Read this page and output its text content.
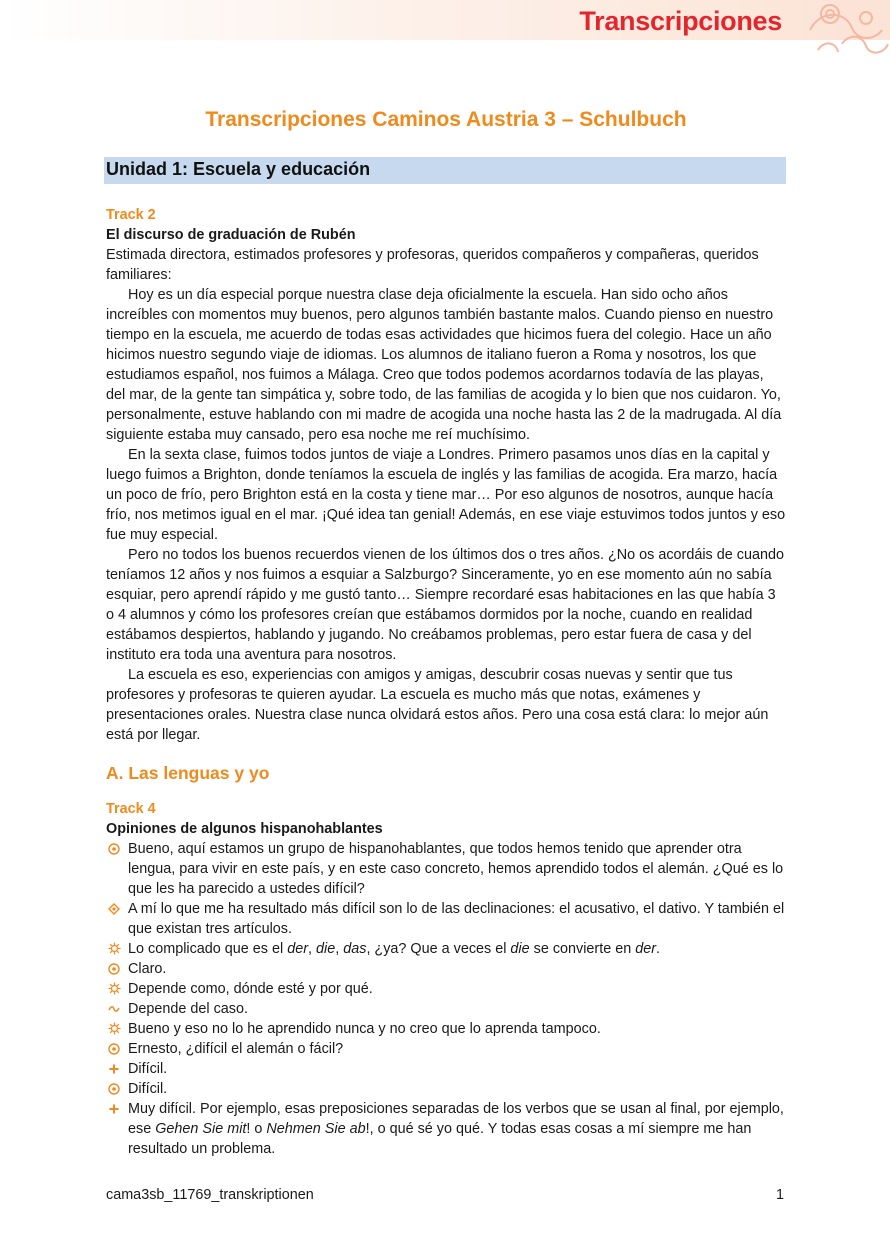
Transcripciones
Transcripciones Caminos Austria 3 – Schulbuch
Unidad 1: Escuela y educación
Track 2
El discurso de graduación de Rubén

Estimada directora, estimados profesores y profesoras, queridos compañeros y compañeras, queridos familiares:

Hoy es un día especial porque nuestra clase deja oficialmente la escuela. Han sido ocho años increíbles con momentos muy buenos, pero algunos también bastante malos. Cuando pienso en nuestro tiempo en la escuela, me acuerdo de todas esas actividades que hicimos fuera del colegio. Hace un año hicimos nuestro segundo viaje de idiomas. Los alumnos de italiano fueron a Roma y nosotros, los que estudiamos español, nos fuimos a Málaga. Creo que todos podemos acordarnos todavía de las playas, del mar, de la gente tan simpática y, sobre todo, de las familias de acogida y lo bien que nos cuidaron. Yo, personalmente, estuve hablando con mi madre de acogida una noche hasta las 2 de la madrugada. Al día siguiente estaba muy cansado, pero esa noche me reí muchísimo.

En la sexta clase, fuimos todos juntos de viaje a Londres. Primero pasamos unos días en la capital y luego fuimos a Brighton, donde teníamos la escuela de inglés y las familias de acogida. Era marzo, hacía un poco de frío, pero Brighton está en la costa y tiene mar… Por eso algunos de nosotros, aunque hacía frío, nos metimos igual en el mar. ¡Qué idea tan genial! Además, en ese viaje estuvimos todos juntos y eso fue muy especial.

Pero no todos los buenos recuerdos vienen de los últimos dos o tres años. ¿No os acordáis de cuando teníamos 12 años y nos fuimos a esquiar a Salzburgo? Sinceramente, yo en ese momento aún no sabía esquiar, pero aprendí rápido y me gustó tanto… Siempre recordaré esas habitaciones en las que había 3 o 4 alumnos y cómo los profesores creían que estábamos dormidos por la noche, cuando en realidad estábamos despiertos, hablando y jugando. No creábamos problemas, pero estar fuera de casa y del instituto era toda una aventura para nosotros.

La escuela es eso, experiencias con amigos y amigas, descubrir cosas nuevas y sentir que tus profesores y profesoras te quieren ayudar. La escuela es mucho más que notas, exámenes y presentaciones orales. Nuestra clase nunca olvidará estos años. Pero una cosa está clara: lo mejor aún está por llegar.

A. Las lenguas y yo
Track 4
Opiniones de algunos hispanohablantes
Bueno, aquí estamos un grupo de hispanohablantes, que todos hemos tenido que aprender otra lengua, para vivir en este país, y en este caso concreto, hemos aprendido todos el alemán. ¿Qué es lo que les ha parecido a ustedes difícil?
A mí lo que me ha resultado más difícil son lo de las declinaciones: el acusativo, el dativo. Y también el que existan tres artículos.
Lo complicado que es el der, die, das, ¿ya? Que a veces el die se convierte en der.
Claro.
Depende como, dónde esté y por qué.
Depende del caso.
Bueno y eso no lo he aprendido nunca y no creo que lo aprenda tampoco.
Ernesto, ¿difícil el alemán o fácil?
Difícil.
Difícil.
Muy difícil. Por ejemplo, esas preposiciones separadas de los verbos que se usan al final, por ejemplo, ese Gehen Sie mit! o Nehmen Sie ab!, o qué sé yo qué. Y todas esas cosas a mí siempre me han resultado un problema.
cama3sb_11769_transkriptionen	1
